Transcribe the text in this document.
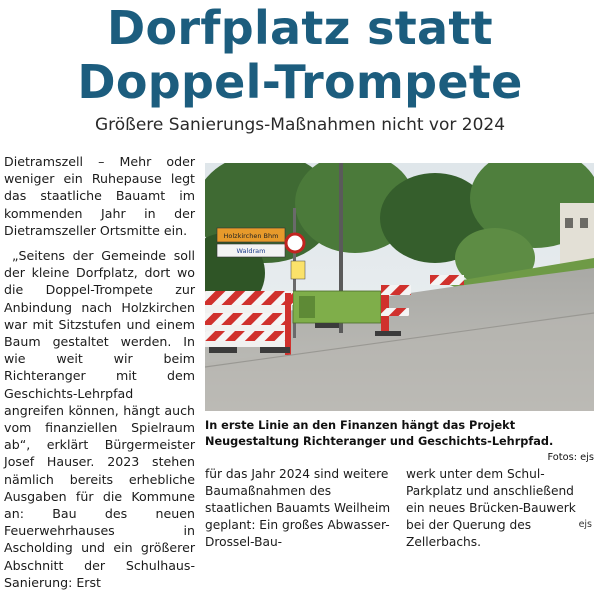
Dorfplatz statt
Doppel-Trompete
Größere Sanierungs-Maßnahmen nicht vor 2024

Dietramszell – Mehr oder weniger ein Ruhepause legt das staatliche Bauamt im kommenden Jahr in der Dietramszeller Ortsmitte ein.

„Seitens der Gemeinde soll der kleine Dorfplatz, dort wo die Doppel-Trompete zur Anbindung nach Holzkirchen war mit Sitzstufen und einem Baum gestaltet werden. In wie weit wir beim Richteranger mit dem Geschichts-Lehrpfad angreifen können, hängt auch vom finanziellen Spielraum ab“, erklärt Bürgermeister Josef Hauser. 2023 stehen nämlich bereits erhebliche Ausgaben für die Kommune an: Bau des neuen Feuerwehrhauses in Ascholding und ein größerer Abschnitt der Schulhaus-Sanierung: Erst

Holzkirchen Bhm
Waldram
In erste Linie an den Finanzen hängt das Projekt Neugestaltung Richteranger und Geschichts-Lehrpfad.
Fotos: ejs

für das Jahr 2024 sind weitere Baumaßnahmen des staatlichen Bauamts Weilheim geplant: Ein großes Abwasser-Drossel-Bau-

werk unter dem Schul-Parkplatz und anschließend ein neues Brücken-Bauwerk bei der Querung des Zellerbachs.

ejs
